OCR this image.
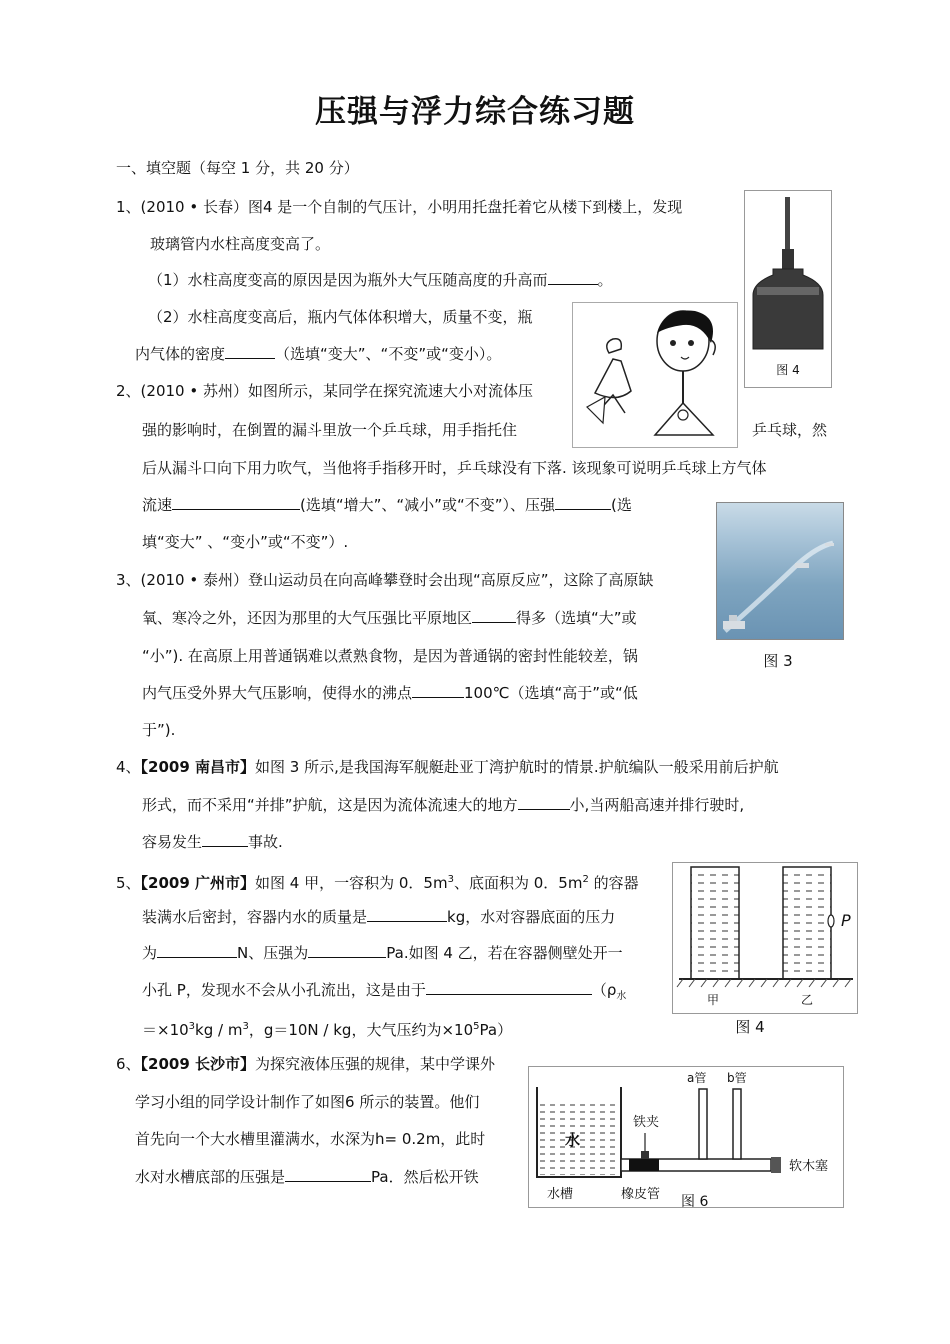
压强与浮力综合练习题
一、填空题（每空 1 分，共 20 分）
1、(2010 • 长春）图4 是一个自制的气压计，小明用托盘托着它从楼下到楼上，发现
玻璃管内水柱高度变高了。
（1）水柱高度变高的原因是因为瓶外大气压随高度的升高而	。
（2）水柱高度变高后，瓶内气体体积增大，质量不变，瓶
内气体的密度	（选填“变大”、“不变”或“变小）。
图 4
2、(2010 • 苏州）如图所示，某同学在探究流速大小对流体压
强的影响时，在倒置的漏斗里放一个乒乓球，用手指托住	乒乓球，然
后从漏斗口向下用力吹气，当他将手指移开时，乒乓球没有下落. 该现象可说明乒乓球上方气体
流速	(选填“增大”、“减小”或“不变”）、压强	(选
填“变大” 、“变小”或“不变”）.
图 3
3、(2010 • 泰州）登山运动员在向高峰攀登时会出现“高原反应”，这除了高原缺
氧、寒冷之外，还因为那里的大气压强比平原地区	得多（选填“大”或
“小”). 在高原上用普通锅难以煮熟食物，是因为普通锅的密封性能较差，锅
内气压受外界大气压影响，使得水的沸点	100℃（选填“高于”或“低
于”).
4、【2009 南昌市】如图 3 所示,是我国海军舰艇赴亚丁湾护航时的情景.护航编队一般采用前后护航
形式，而不采用“并排”护航，这是因为流体流速大的地方	小,当两船高速并排行驶时,
容易发生	事故.
5、【2009 广州市】如图 4 甲，一容积为 0．$5m^3$、底面积为 0．$5m^2$ 的容器
装满水后密封，容器内水的质量是	kg，水对容器底面的压力
为	N、压强为	Pa.如图 4 乙，若在容器侧壁处开一
小孔 P，发现水不会从小孔流出，这是由于	（$\rho_水$
$=\times 10^3kg / m^3$，g＝10N / kg，大气压约为$\times 10^5Pa$）
P
甲	乙
图 4
6、【2009 长沙市】为探究液体压强的规律，某中学课外
学习小组的同学设计制作了如图6 所示的装置。他们
首先向一个大水槽里灌满水，水深为h= 0.2m，此时
水对水槽底部的压强是	Pa．然后松开铁
水
水槽
铁夹
橡皮管
a管 b管
软木塞
图 6
